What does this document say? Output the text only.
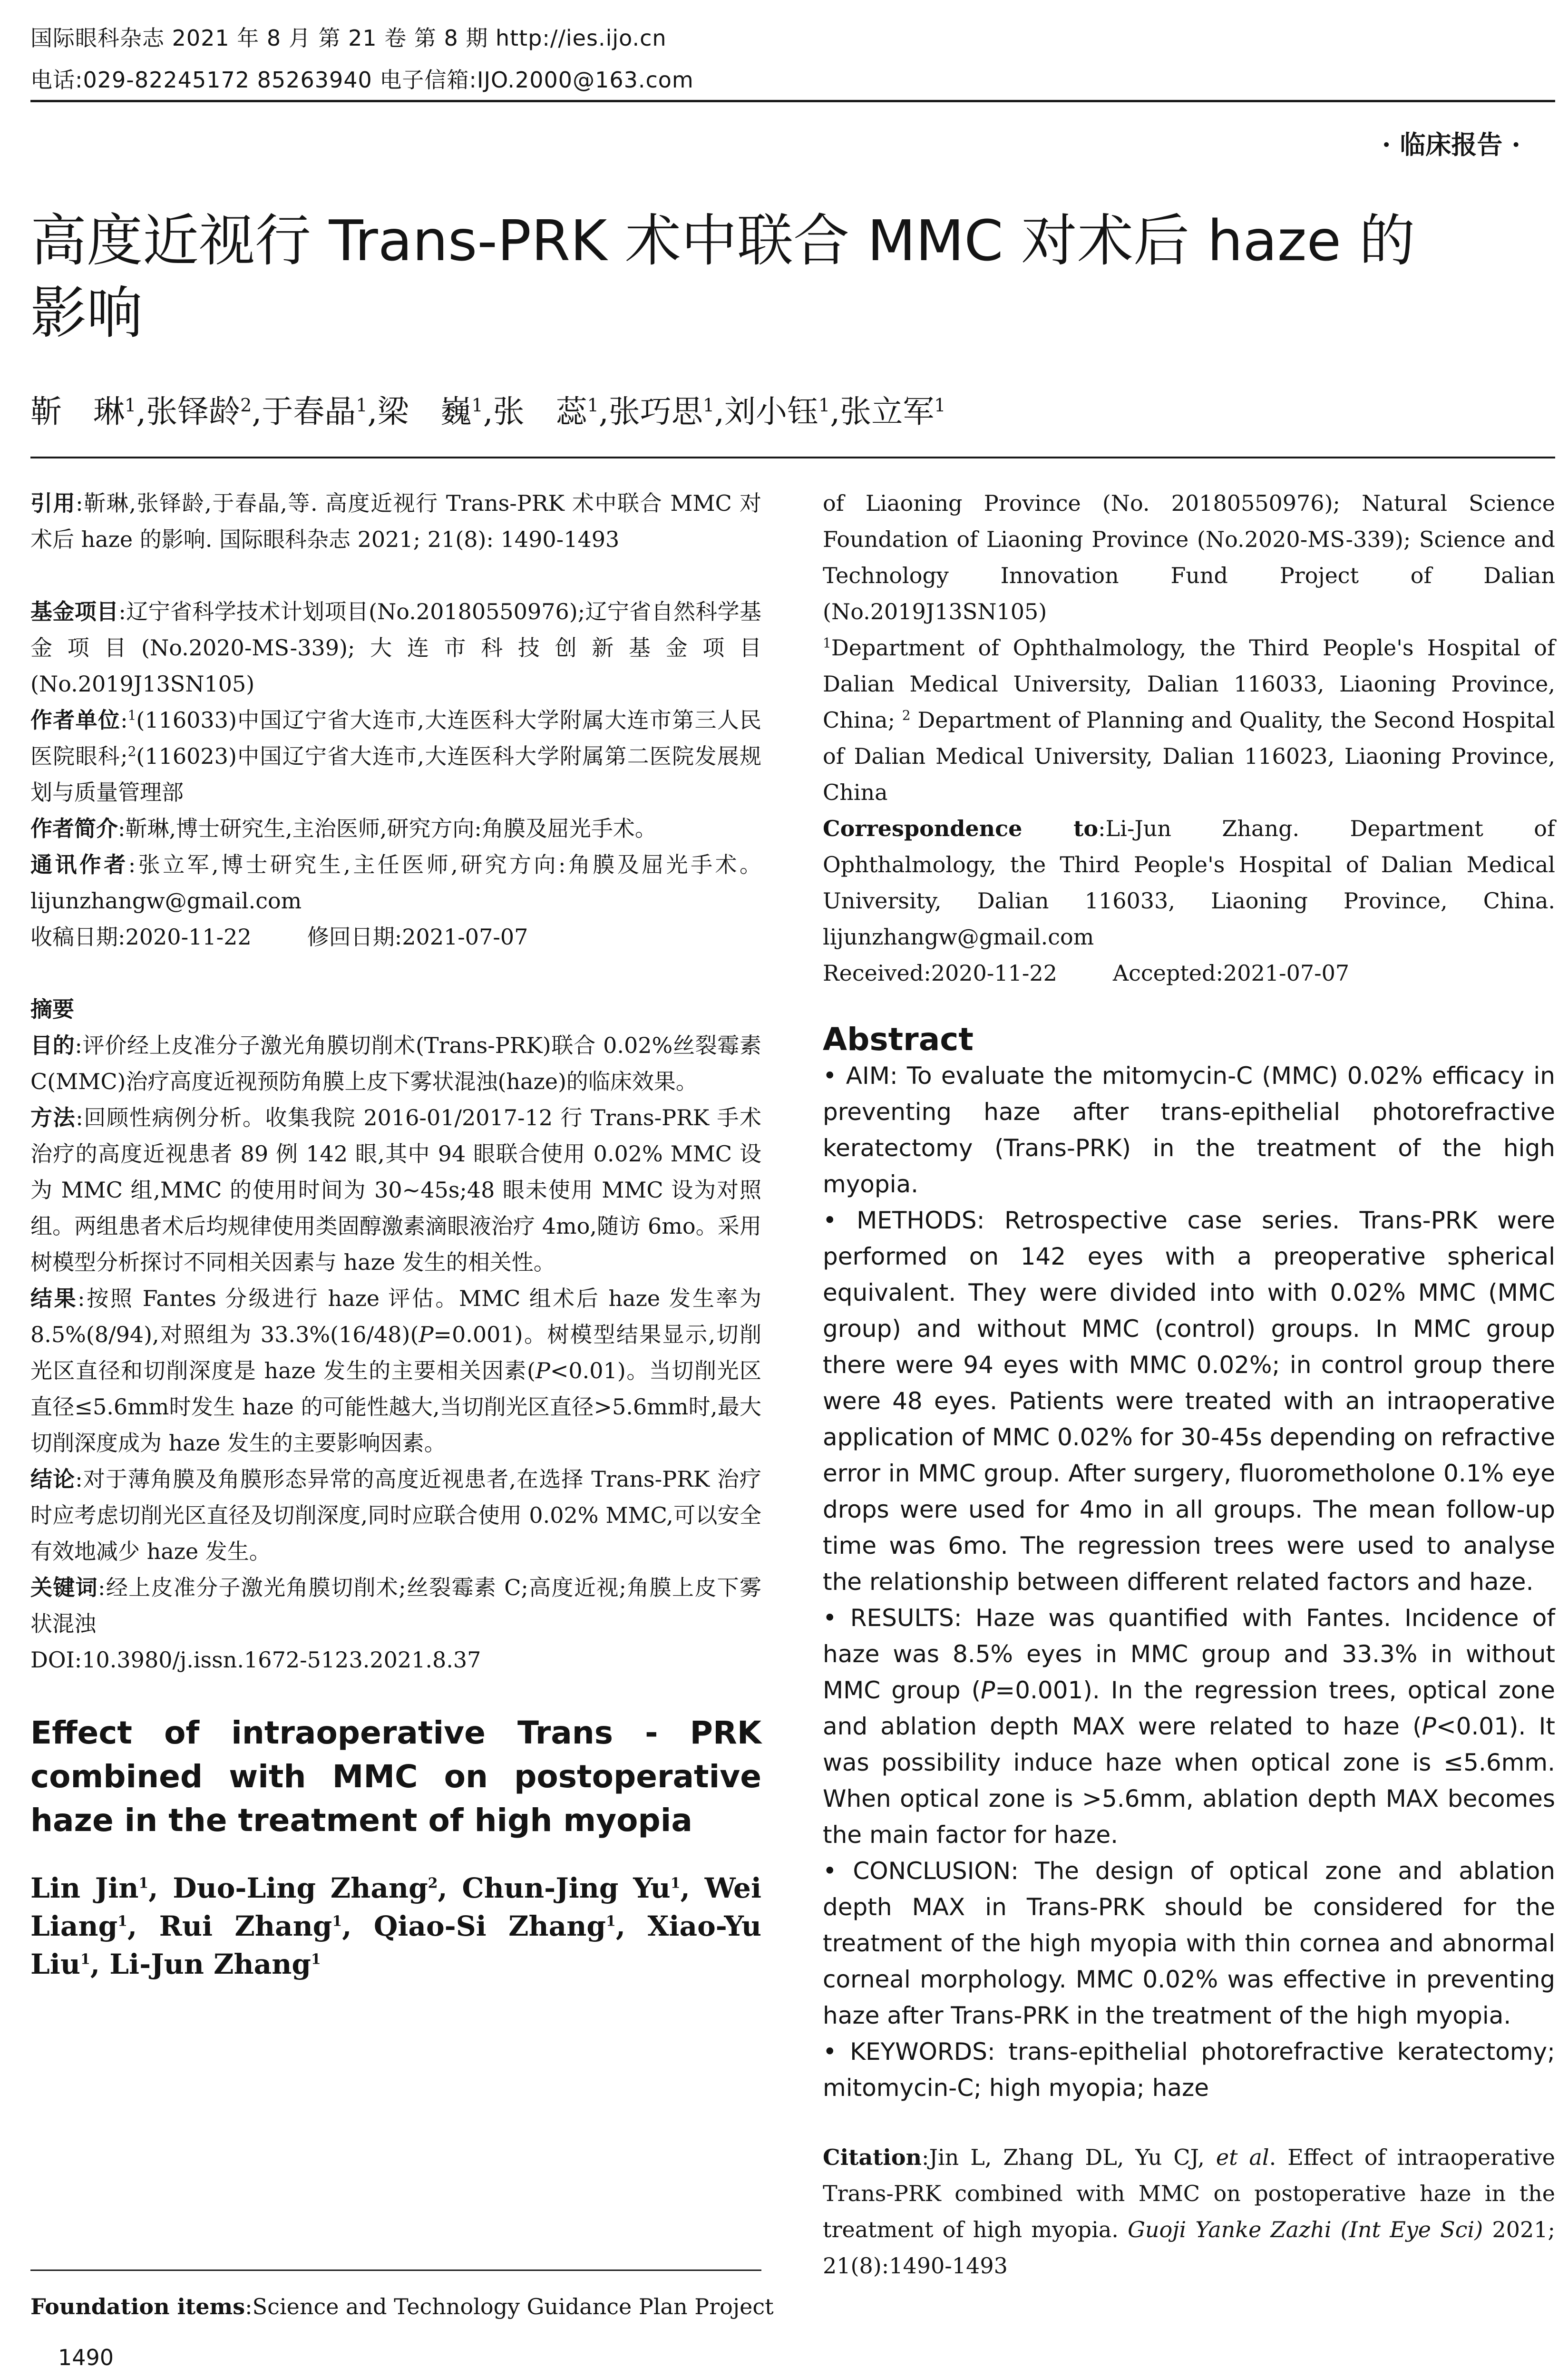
国际眼科杂志 2021 年 8 月 第 21 卷 第 8 期 http://ies.ijo.cn
电话:029-82245172 85263940 电子信箱:IJO.2000@163.com
· 临床报告 ·
高度近视行 Trans-PRK 术中联合 MMC 对术后 haze 的
影响
靳　琳$^1$,张铎龄$^2$,于春晶$^1$,梁　巍$^1$,张　蕊$^1$,张巧思$^1$,刘小钰$^1$,张立军$^1$

引用:靳琳,张铎龄,于春晶,等. 高度近视行 Trans-PRK 术中联合 MMC 对术后 haze 的影响. 国际眼科杂志 2021; 21(8): 1490-1493

基金项目:辽宁省科学技术计划项目(No.20180550976);辽宁省自然科学基金项目(No.2020-MS-339);大连市科技创新基金项目(No.2019J13SN105)

作者单位:$^1$(116033)中国辽宁省大连市,大连医科大学附属大连市第三人民医院眼科;$^2$(116023)中国辽宁省大连市,大连医科大学附属第二医院发展规划与质量管理部

作者简介:靳琳,博士研究生,主治医师,研究方向:角膜及屈光手术。

通讯作者:张立军,博士研究生,主任医师,研究方向:角膜及屈光手术。lijunzhangw@gmail.com

收稿日期:2020-11-22        修回日期:2021-07-07

摘要

目的:评价经上皮准分子激光角膜切削术(Trans-PRK)联合 0.02%丝裂霉素 C(MMC)治疗高度近视预防角膜上皮下雾状混浊(haze)的临床效果。

方法:回顾性病例分析。收集我院 2016-01/2017-12 行 Trans-PRK 手术治疗的高度近视患者 89 例 142 眼,其中 94 眼联合使用 0.02% MMC 设为 MMC 组,MMC 的使用时间为 30~45s;48 眼未使用 MMC 设为对照组。两组患者术后均规律使用类固醇激素滴眼液治疗 4mo,随访 6mo。采用树模型分析探讨不同相关因素与 haze 发生的相关性。

结果:按照 Fantes 分级进行 haze 评估。MMC 组术后 haze 发生率为 8.5%(8/94),对照组为 33.3%(16/48)(P=0.001)。树模型结果显示,切削光区直径和切削深度是 haze 发生的主要相关因素(P<0.01)。当切削光区直径≤5.6mm时发生 haze 的可能性越大,当切削光区直径>5.6mm时,最大切削深度成为 haze 发生的主要影响因素。

结论:对于薄角膜及角膜形态异常的高度近视患者,在选择 Trans-PRK 治疗时应考虑切削光区直径及切削深度,同时应联合使用 0.02% MMC,可以安全有效地减少 haze 发生。

关键词:经上皮准分子激光角膜切削术;丝裂霉素 C;高度近视;角膜上皮下雾状混浊

DOI:10.3980/j.issn.1672-5123.2021.8.37

Effect of intraoperative Trans - PRK combined with MMC on postoperative haze in the treatment of high myopia

Lin Jin$^1$, Duo-Ling Zhang$^2$, Chun-Jing Yu$^1$, Wei Liang$^1$, Rui Zhang$^1$, Qiao-Si Zhang$^1$, Xiao-Yu Liu$^1$, Li-Jun Zhang$^1$

Foundation items:Science and Technology Guidance Plan Project

of Liaoning Province (No. 20180550976); Natural Science Foundation of Liaoning Province (No.2020-MS-339); Science and Technology Innovation Fund Project of Dalian (No.2019J13SN105)

$^1$Department of Ophthalmology, the Third People's Hospital of Dalian Medical University, Dalian 116033, Liaoning Province, China; $^2$ Department of Planning and Quality, the Second Hospital of Dalian Medical University, Dalian 116023, Liaoning Province, China

Correspondence to:Li-Jun Zhang. Department of Ophthalmology, the Third People's Hospital of Dalian Medical University, Dalian 116033, Liaoning Province, China. lijunzhangw@gmail.com

Received:2020-11-22        Accepted:2021-07-07

Abstract

• AIM: To evaluate the mitomycin-C (MMC) 0.02% efficacy in preventing haze after trans-epithelial photorefractive keratectomy (Trans-PRK) in the treatment of the high myopia.

• METHODS: Retrospective case series. Trans-PRK were performed on 142 eyes with a preoperative spherical equivalent. They were divided into with 0.02% MMC (MMC group) and without MMC (control) groups. In MMC group there were 94 eyes with MMC 0.02%; in control group there were 48 eyes. Patients were treated with an intraoperative application of MMC 0.02% for 30-45s depending on refractive error in MMC group. After surgery, fluorometholone 0.1% eye drops were used for 4mo in all groups. The mean follow-up time was 6mo. The regression trees were used to analyse the relationship between different related factors and haze.

• RESULTS: Haze was quantified with Fantes. Incidence of haze was 8.5% eyes in MMC group and 33.3% in without MMC group (P=0.001). In the regression trees, optical zone and ablation depth MAX were related to haze (P<0.01). It was possibility induce haze when optical zone is ≤5.6mm. When optical zone is >5.6mm, ablation depth MAX becomes the main factor for haze.

• CONCLUSION: The design of optical zone and ablation depth MAX in Trans-PRK should be considered for the treatment of the high myopia with thin cornea and abnormal corneal morphology. MMC 0.02% was effective in preventing haze after Trans-PRK in the treatment of the high myopia.

• KEYWORDS: trans-epithelial photorefractive keratectomy; mitomycin-C; high myopia; haze

Citation:Jin L, Zhang DL, Yu CJ, et al. Effect of intraoperative Trans-PRK combined with MMC on postoperative haze in the treatment of high myopia. Guoji Yanke Zazhi (Int Eye Sci) 2021; 21(8):1490-1493

1490
